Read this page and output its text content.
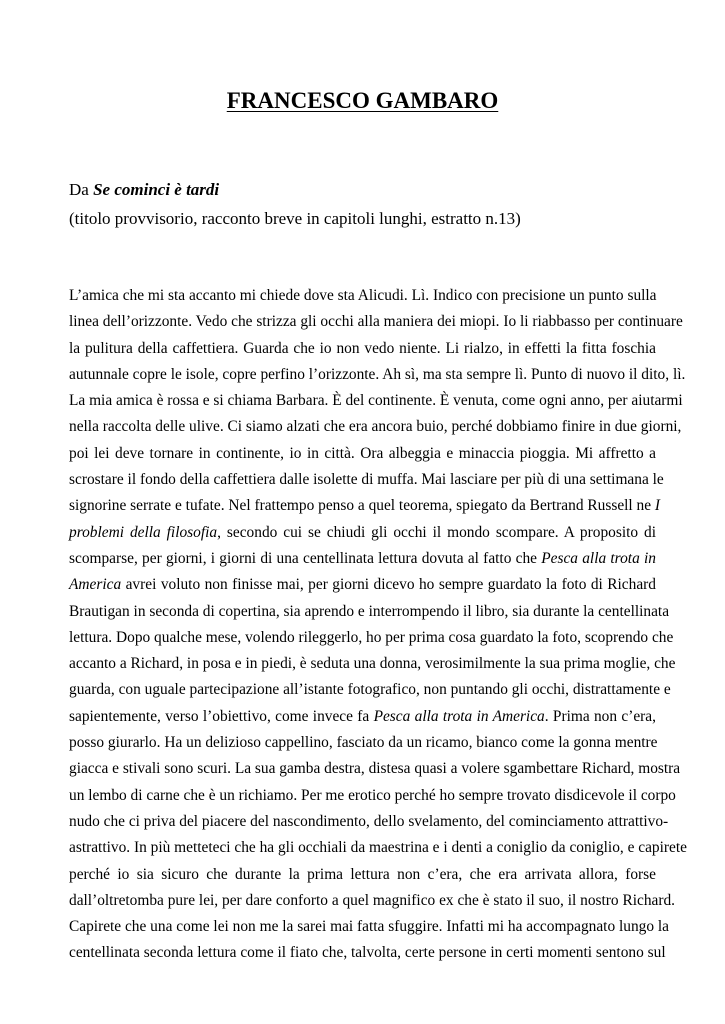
FRANCESCO GAMBARO
Da Se cominci è tardi
(titolo provvisorio, racconto breve in capitoli lunghi, estratto n.13)
L’amica che mi sta accanto mi chiede dove sta Alicudi. Lì. Indico con precisione un punto sulla
linea dell’orizzonte. Vedo che strizza gli occhi alla maniera dei miopi. Io li riabbasso per continuare
la pulitura della caffettiera. Guarda che io non vedo niente. Li rialzo, in effetti la fitta foschia
autunnale copre le isole, copre perfino l’orizzonte. Ah sì, ma sta sempre lì. Punto di nuovo il dito, lì.
La mia amica è rossa e si chiama Barbara. È del continente. È venuta, come ogni anno, per aiutarmi
nella raccolta delle ulive. Ci siamo alzati che era ancora buio, perché dobbiamo finire in due giorni,
poi lei deve tornare in continente, io in città. Ora albeggia e minaccia pioggia. Mi affretto a
scrostare il fondo della caffettiera dalle isolette di muffa. Mai lasciare per più di una settimana le
signorine serrate e tufate. Nel frattempo penso a quel teorema, spiegato da Bertrand Russell ne I
problemi della filosofia, secondo cui se chiudi gli occhi il mondo scompare. A proposito di
scomparse, per giorni, i giorni di una centellinata lettura dovuta al fatto che Pesca alla trota in
America avrei voluto non finisse mai, per giorni dicevo ho sempre guardato la foto di Richard
Brautigan in seconda di copertina, sia aprendo e interrompendo il libro, sia durante la centellinata
lettura. Dopo qualche mese, volendo rileggerlo, ho per prima cosa guardato la foto, scoprendo che
accanto a Richard, in posa e in piedi, è seduta una donna, verosimilmente la sua prima moglie, che
guarda, con uguale partecipazione all’istante fotografico, non puntando gli occhi, distrattamente e
sapientemente, verso l’obiettivo, come invece fa Pesca alla trota in America. Prima non c’era,
posso giurarlo. Ha un delizioso cappellino, fasciato da un ricamo, bianco come la gonna mentre
giacca e stivali sono scuri. La sua gamba destra, distesa quasi a volere sgambettare Richard, mostra
un lembo di carne che è un richiamo. Per me erotico perché ho sempre trovato disdicevole il corpo
nudo che ci priva del piacere del nascondimento, dello svelamento, del cominciamento attrattivo-
astrattivo. In più metteteci che ha gli occhiali da maestrina e i denti a coniglio da coniglio, e capirete
perché io sia sicuro che durante la prima lettura non c’era, che era arrivata allora, forse
dall’oltretomba pure lei, per dare conforto a quel magnifico ex che è stato il suo, il nostro Richard.
Capirete che una come lei non me la sarei mai fatta sfuggire. Infatti mi ha accompagnato lungo la
centellinata seconda lettura come il fiato che, talvolta, certe persone in certi momenti sentono sul
